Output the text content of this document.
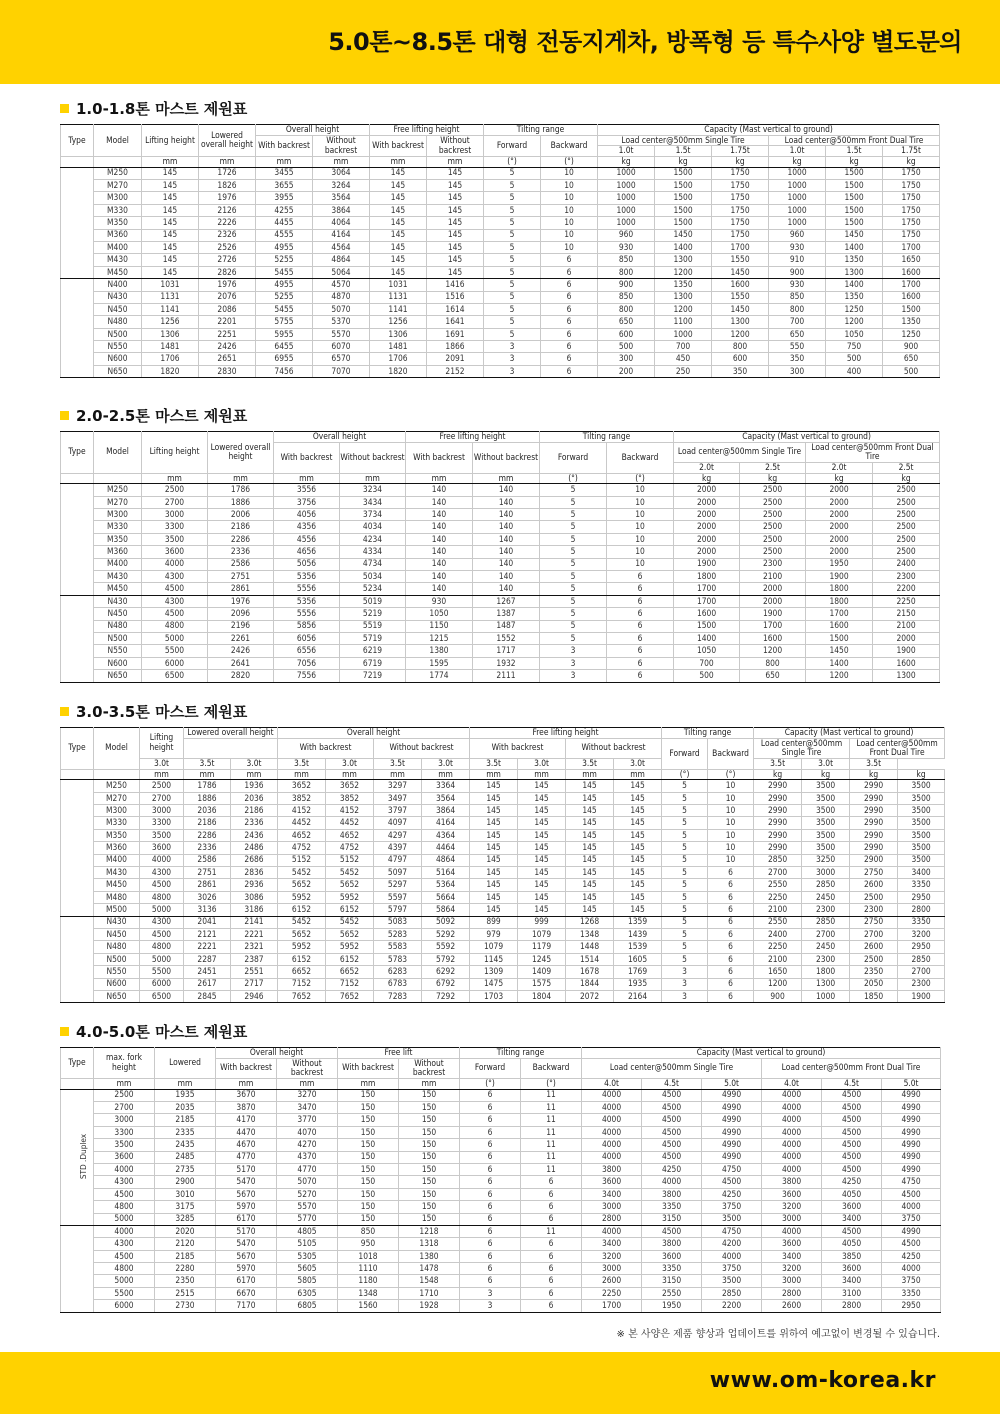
5.0톤~8.5톤 대형 전동지게차, 방폭형 등 특수사양 별도문의
1.0-1.8톤 마스트 제원표
Type	Model	Lifting height	Lowered overall height	Overall height		Free lifting height		Tilting range		Capacity (Mast vertical to ground)					
				With backrest	Without backrest	With backrest	Without backrest	Forward	Backward	Load center@500mm Single Tire			Load center@500mm Front Dual Tire		
										1.0t	1.5t	1.75t	1.0t	1.5t	1.75t
		mm	mm	mm	mm	mm	mm	(°)	(°)	kg	kg	kg	kg	kg	kg
	M250	145	1726	3455	3064	145	145	5	10	1000	1500	1750	1000	1500	1750
	M270	145	1826	3655	3264	145	145	5	10	1000	1500	1750	1000	1500	1750
	M300	145	1976	3955	3564	145	145	5	10	1000	1500	1750	1000	1500	1750
	M330	145	2126	4255	3864	145	145	5	10	1000	1500	1750	1000	1500	1750
	M350	145	2226	4455	4064	145	145	5	10	1000	1500	1750	1000	1500	1750
	M360	145	2326	4555	4164	145	145	5	10	960	1450	1750	960	1450	1750
	M400	145	2526	4955	4564	145	145	5	10	930	1400	1700	930	1400	1700
	M430	145	2726	5255	4864	145	145	5	6	850	1300	1550	910	1350	1650
	M450	145	2826	5455	5064	145	145	5	6	800	1200	1450	900	1300	1600
	N400	1031	1976	4955	4570	1031	1416	5	6	900	1350	1600	930	1400	1700
	N430	1131	2076	5255	4870	1131	1516	5	6	850	1300	1550	850	1350	1600
	N450	1141	2086	5455	5070	1141	1614	5	6	800	1200	1450	800	1250	1500
	N480	1256	2201	5755	5370	1256	1641	5	6	650	1100	1300	700	1200	1350
	N500	1306	2251	5955	5570	1306	1691	5	6	600	1000	1200	650	1050	1250
	N550	1481	2426	6455	6070	1481	1866	3	6	500	700	800	550	750	900
	N600	1706	2651	6955	6570	1706	2091	3	6	300	450	600	350	500	650
	N650	1820	2830	7456	7070	1820	2152	3	6	200	250	350	300	400	500
2.0-2.5톤 마스트 제원표
Type	Model	Lifting height	Lowered overall height	Overall height		Free lifting height		Tilting range		Capacity (Mast vertical to ground)			
				With backrest	Without backrest	With backrest	Without backrest	Forward	Backward	Load center@500mm Single Tire		Load center@500mm Front Dual Tire	
										2.0t	2.5t	2.0t	2.5t
		mm	mm	mm	mm	mm	mm	(°)	(°)	kg	kg	kg	kg
	M250	2500	1786	3556	3234	140	140	5	10	2000	2500	2000	2500
	M270	2700	1886	3756	3434	140	140	5	10	2000	2500	2000	2500
	M300	3000	2006	4056	3734	140	140	5	10	2000	2500	2000	2500
	M330	3300	2186	4356	4034	140	140	5	10	2000	2500	2000	2500
	M350	3500	2286	4556	4234	140	140	5	10	2000	2500	2000	2500
	M360	3600	2336	4656	4334	140	140	5	10	2000	2500	2000	2500
	M400	4000	2586	5056	4734	140	140	5	10	1900	2300	1950	2400
	M430	4300	2751	5356	5034	140	140	5	6	1800	2100	1900	2300
	M450	4500	2861	5556	5234	140	140	5	6	1700	2000	1800	2200
	N430	4300	1976	5356	5019	930	1267	5	6	1700	2000	1800	2250
	N450	4500	2096	5556	5219	1050	1387	5	6	1600	1900	1700	2150
	N480	4800	2196	5856	5519	1150	1487	5	6	1500	1700	1600	2100
	N500	5000	2261	6056	5719	1215	1552	5	6	1400	1600	1500	2000
	N550	5500	2426	6556	6219	1380	1717	3	6	1050	1200	1450	1900
	N600	6000	2641	7056	6719	1595	1932	3	6	700	800	1400	1600
	N650	6500	2820	7556	7219	1774	2111	3	6	500	650	1200	1300
3.0-3.5톤 마스트 제원표
Type	Model	Lifting height	Lowered overall height		Overall height				Free lifting height				Tilting range		Capacity (Mast vertical to ground)			
					With backrest		Without backrest		With backrest		Without backrest		Forward	Backward	Load center@500mm Single Tire		Load center@500mm Front Dual Tire	

		3.0t	3.5t	3.0t	3.5t	3.0t	3.5t	3.0t	3.5t	3.0t	3.5t	3.0t			3.5t	3.0t	3.5t	
		mm	mm	mm	mm	mm	mm	mm	mm	mm	mm	mm	(°)	(°)	kg	kg	kg	kg
	M250	2500	1786	1936	3652	3652	3297	3364	145	145	145	145	5	10	2990	3500	2990	3500
	M270	2700	1886	2036	3852	3852	3497	3564	145	145	145	145	5	10	2990	3500	2990	3500
	M300	3000	2036	2186	4152	4152	3797	3864	145	145	145	145	5	10	2990	3500	2990	3500
	M330	3300	2186	2336	4452	4452	4097	4164	145	145	145	145	5	10	2990	3500	2990	3500
	M350	3500	2286	2436	4652	4652	4297	4364	145	145	145	145	5	10	2990	3500	2990	3500
	M360	3600	2336	2486	4752	4752	4397	4464	145	145	145	145	5	10	2990	3500	2990	3500
	M400	4000	2586	2686	5152	5152	4797	4864	145	145	145	145	5	10	2850	3250	2900	3500
	M430	4300	2751	2836	5452	5452	5097	5164	145	145	145	145	5	6	2700	3000	2750	3400
	M450	4500	2861	2936	5652	5652	5297	5364	145	145	145	145	5	6	2550	2850	2600	3350
	M480	4800	3026	3086	5952	5952	5597	5664	145	145	145	145	5	6	2250	2450	2500	2950
	M500	5000	3136	3186	6152	6152	5797	5864	145	145	145	145	5	6	2100	2300	2300	2800
	N430	4300	2041	2141	5452	5452	5083	5092	899	999	1268	1359	5	6	2550	2850	2750	3350
	N450	4500	2121	2221	5652	5652	5283	5292	979	1079	1348	1439	5	6	2400	2700	2700	3200
	N480	4800	2221	2321	5952	5952	5583	5592	1079	1179	1448	1539	5	6	2250	2450	2600	2950
	N500	5000	2287	2387	6152	6152	5783	5792	1145	1245	1514	1605	5	6	2100	2300	2500	2850
	N550	5500	2451	2551	6652	6652	6283	6292	1309	1409	1678	1769	3	6	1650	1800	2350	2700
	N600	6000	2617	2717	7152	7152	6783	6792	1475	1575	1844	1935	3	6	1200	1300	2050	2300
	N650	6500	2845	2946	7652	7652	7283	7292	1703	1804	2072	2164	3	6	900	1000	1850	1900
4.0-5.0톤 마스트 제원표
Type	max. fork height	Lowered	Overall height		Free lift		Tilting range		Capacity (Mast vertical to ground)					
			With backrest	Without backrest	With backrest	Without backrest	Forward	Backward	Load center@500mm Single Tire			Load center@500mm Front Dual Tire		

	mm	mm	mm	mm	mm	mm	(°)	(°)	4.0t	4.5t	5.0t	4.0t	4.5t	5.0t
STD .Duplex	2500	1935	3670	3270	150	150	6	11	4000	4500	4990	4000	4500	4990
	2700	2035	3870	3470	150	150	6	11	4000	4500	4990	4000	4500	4990
	3000	2185	4170	3770	150	150	6	11	4000	4500	4990	4000	4500	4990
	3300	2335	4470	4070	150	150	6	11	4000	4500	4990	4000	4500	4990
	3500	2435	4670	4270	150	150	6	11	4000	4500	4990	4000	4500	4990
	3600	2485	4770	4370	150	150	6	11	4000	4500	4990	4000	4500	4990
	4000	2735	5170	4770	150	150	6	11	3800	4250	4750	4000	4500	4990
	4300	2900	5470	5070	150	150	6	6	3600	4000	4500	3800	4250	4750
	4500	3010	5670	5270	150	150	6	6	3400	3800	4250	3600	4050	4500
	4800	3175	5970	5570	150	150	6	6	3000	3350	3750	3200	3600	4000
	5000	3285	6170	5770	150	150	6	6	2800	3150	3500	3000	3400	3750
	4000	2020	5170	4805	850	1218	6	11	4000	4500	4750	4000	4500	4990
	4300	2120	5470	5105	950	1318	6	6	3400	3800	4200	3600	4050	4500
	4500	2185	5670	5305	1018	1380	6	6	3200	3600	4000	3400	3850	4250
	4800	2280	5970	5605	1110	1478	6	6	3000	3350	3750	3200	3600	4000
	5000	2350	6170	5805	1180	1548	6	6	2600	3150	3500	3000	3400	3750
	5500	2515	6670	6305	1348	1710	3	6	2250	2550	2850	2800	3100	3350
	6000	2730	7170	6805	1560	1928	3	6	1700	1950	2200	2600	2800	2950
※ 본 사양은 제품 향상과 업데이트를 위하여 예고없이 변경될 수 있습니다.
www.om-korea.kr
